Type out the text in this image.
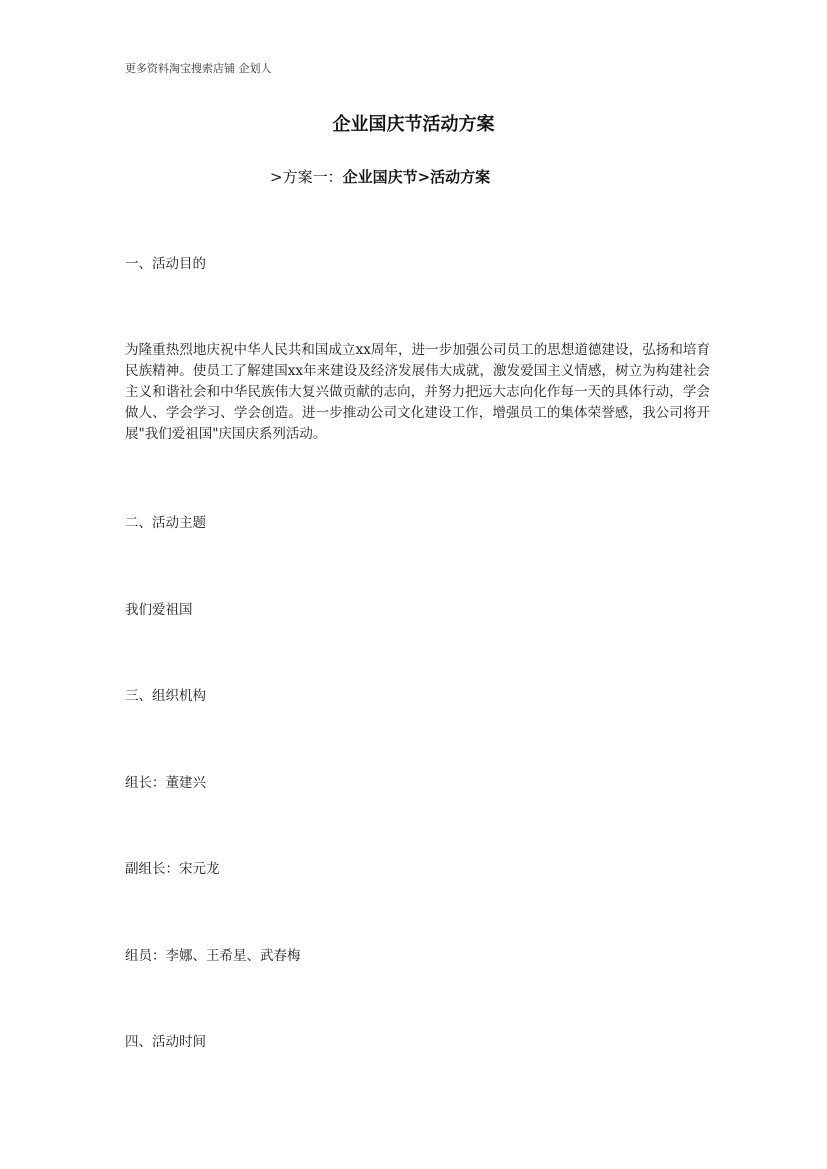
更多资料淘宝搜索店铺 企划人
企业国庆节活动方案
>方案一：企业国庆节>活动方案
一、活动目的
为隆重热烈地庆祝中华人民共和国成立xx周年，进一步加强公司员工的思想道德建设，弘扬和培育民族精神。使员工了解建国xx年来建设及经济发展伟大成就，激发爱国主义情感，树立为构建社会主义和谐社会和中华民族伟大复兴做贡献的志向，并努力把远大志向化作每一天的具体行动，学会做人、学会学习、学会创造。进一步推动公司文化建设工作，增强员工的集体荣誉感，我公司将开展"我们爱祖国"庆国庆系列活动。
二、活动主题
我们爱祖国
三、组织机构
组长：董建兴
副组长：宋元龙
组员：李娜、王希星、武春梅
四、活动时间
